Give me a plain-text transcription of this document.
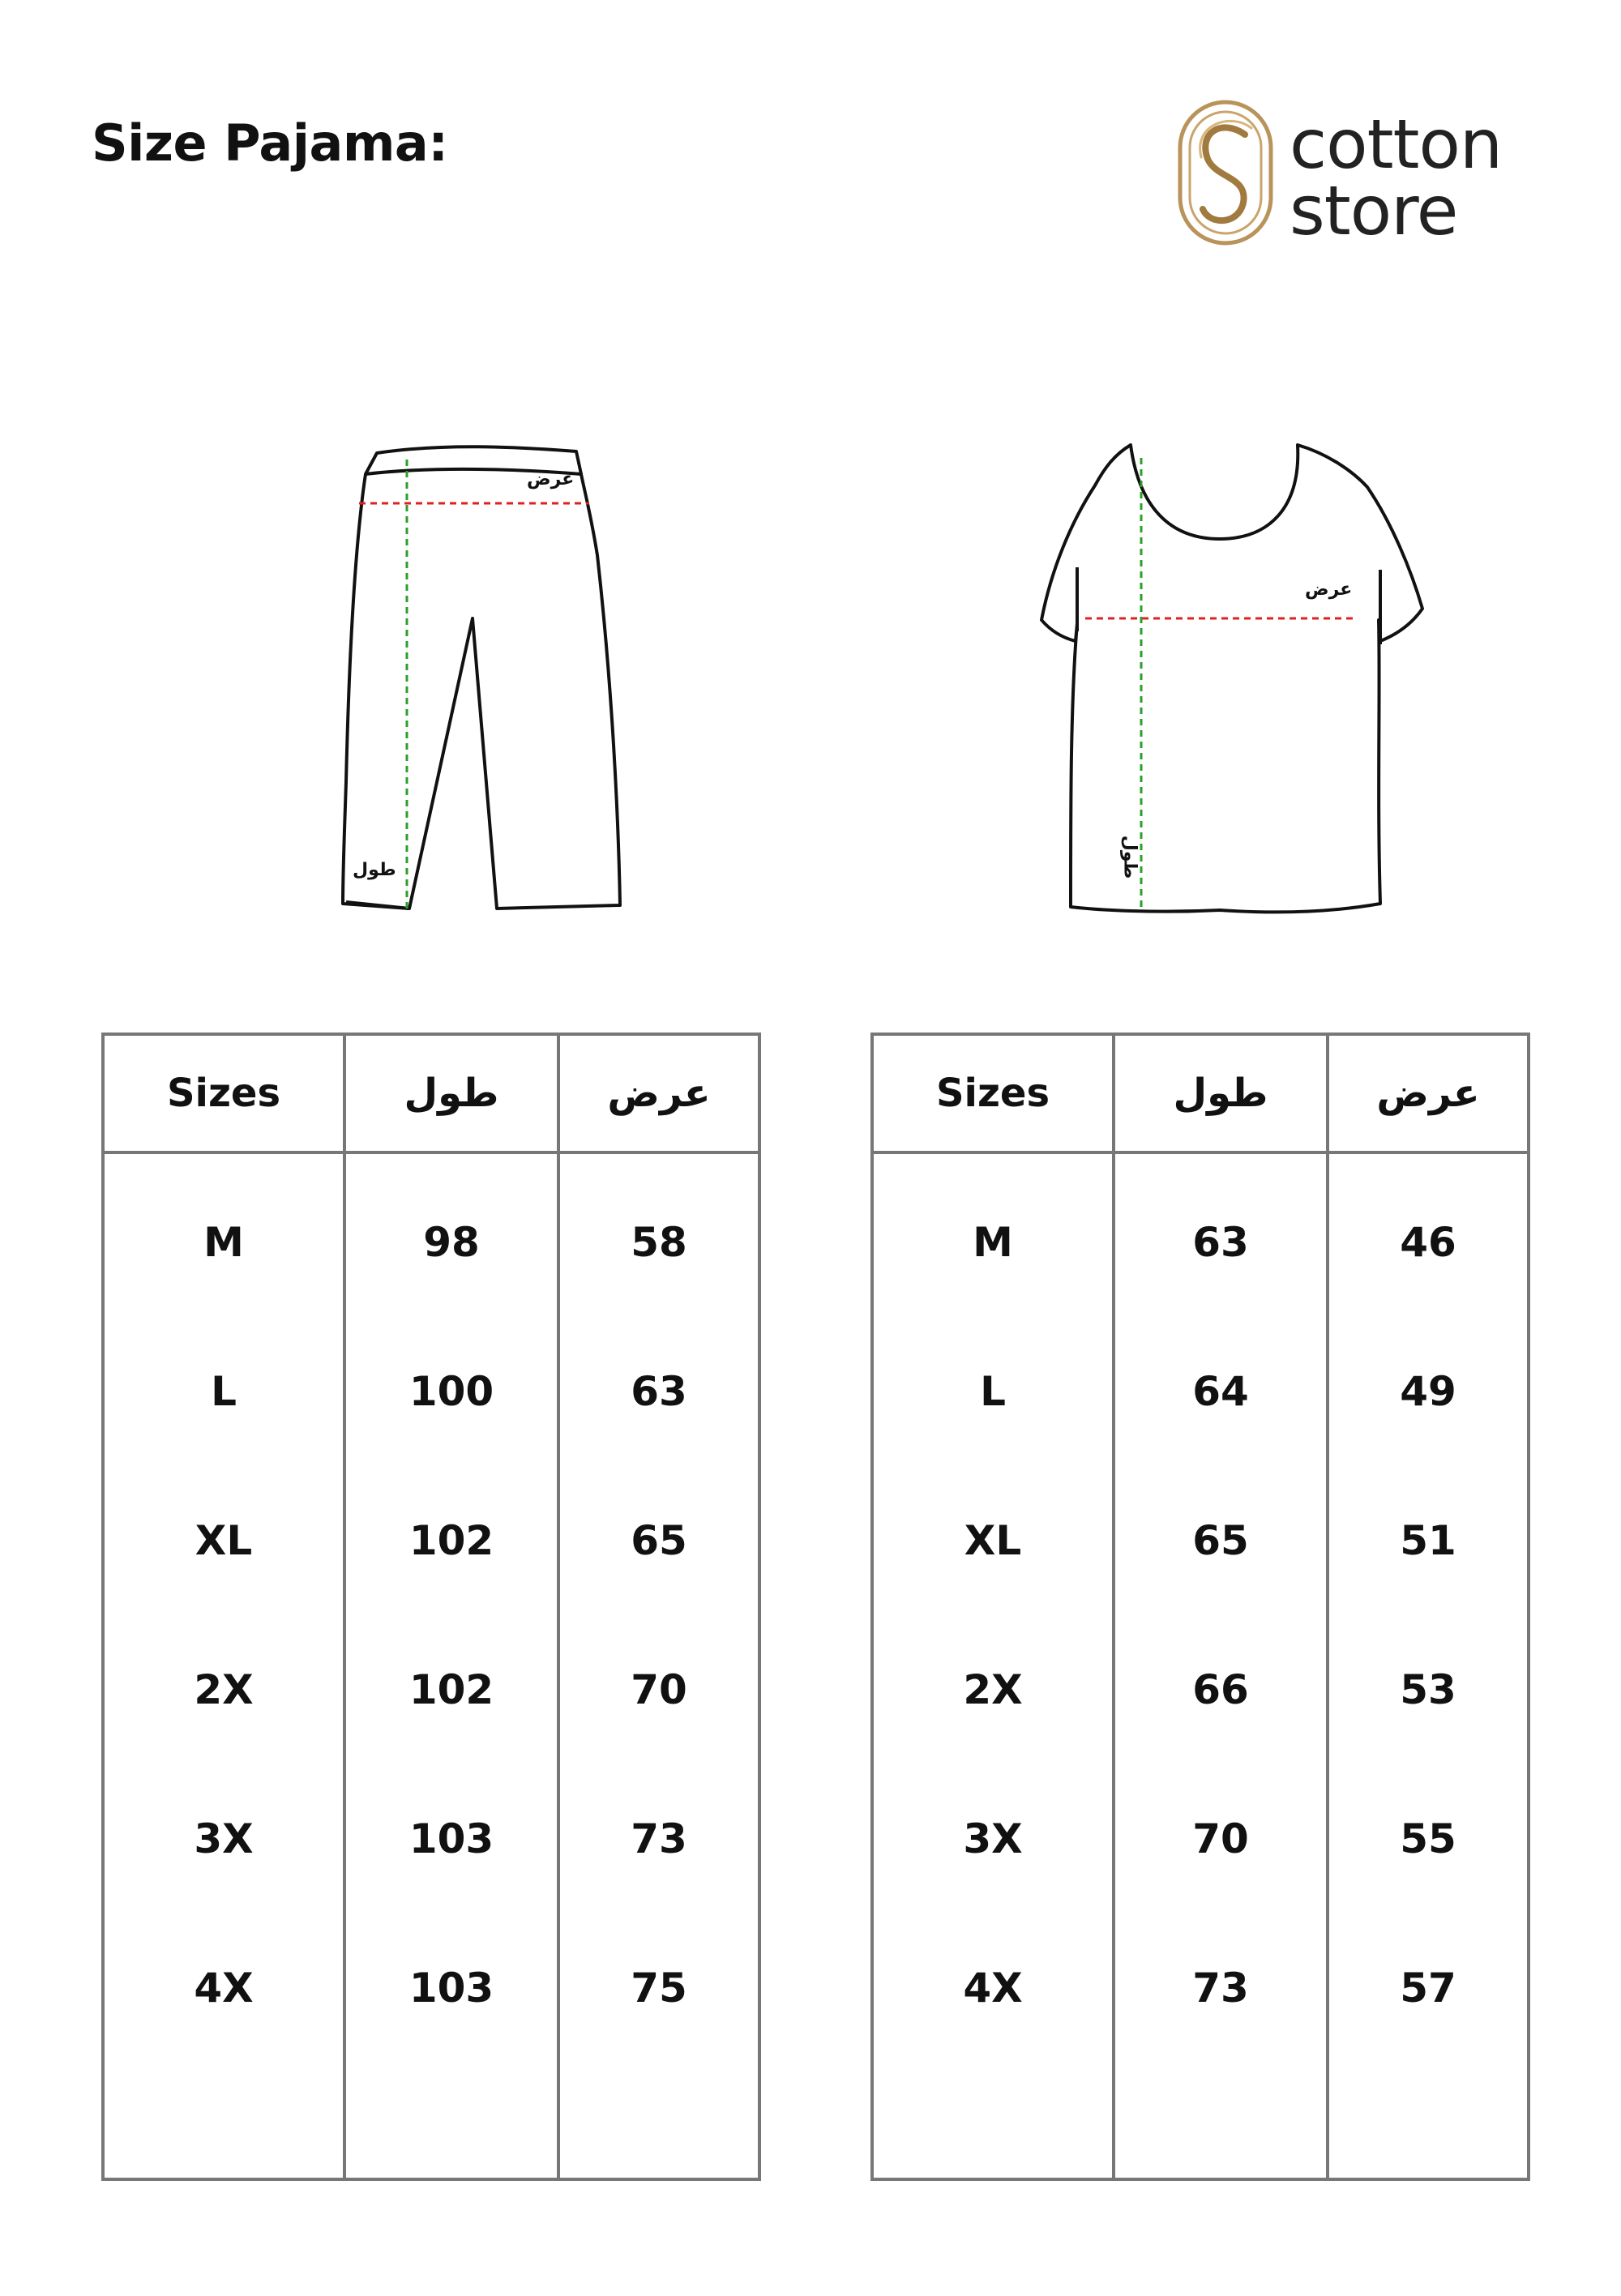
Size Pajama:	cotton
store
عرض
طول
عرض
طول
Sizes	طول	عرض
M	98	58
L	100	63
XL	102	65
2X	102	70
3X	103	73
4X	103	75

Sizes	طول	عرض
M	63	46
L	64	49
XL	65	51
2X	66	53
3X	70	55
4X	73	57
